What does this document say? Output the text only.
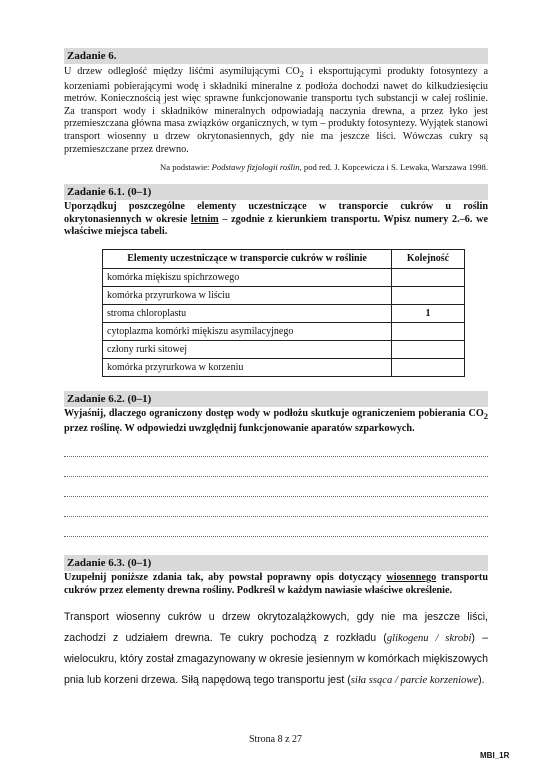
Zadanie 6.
U drzew odległość między liśćmi asymilującymi $CO_2$ i eksportującymi produkty fotosyntezy a korzeniami pobierającymi wodę i składniki mineralne z podłoża dochodzi nawet do kilkudziesięciu metrów. Koniecznością jest więc sprawne funkcjonowanie transportu tych substancji w całej roślinie. Za transport wody i składników mineralnych odpowiadają naczynia drewna, a przez łyko jest przemieszczana główna masa związków organicznych, w tym – produkty fotosyntezy. Wyjątek stanowi transport wiosenny u drzew okrytonasiennych, gdy nie ma jeszcze liści. Wówczas cukry są przemieszczane przez drewno.
Na podstawie: Podstawy fizjologii roślin, pod red. J. Kopcewicza i S. Lewaka, Warszawa 1998.
Zadanie 6.1. (0–1)
Uporządkuj poszczególne elementy uczestniczące w transporcie cukrów u roślin okrytonasiennych w okresie letnim – zgodnie z kierunkiem transportu. Wpisz numery 2.–6. we właściwe miejsca tabeli.
Elementy uczestniczące w transporcie cukrów w roślinie	Kolejność
komórka miękiszu spichrzowego	
komórka przyrurkowa w liściu	
stroma chloroplastu	1
cytoplazma komórki miękiszu asymilacyjnego	
człony rurki sitowej	
komórka przyrurkowa w korzeniu	
Zadanie 6.2. (0–1)
Wyjaśnij, dlaczego ograniczony dostęp wody w podłożu skutkuje ograniczeniem pobierania $CO_2$ przez roślinę. W odpowiedzi uwzględnij funkcjonowanie aparatów szparkowych.
Zadanie 6.3. (0–1)
Uzupełnij poniższe zdania tak, aby powstał poprawny opis dotyczący wiosennego transportu cukrów przez elementy drewna rośliny. Podkreśl w każdym nawiasie właściwe określenie.
Transport wiosenny cukrów u drzew okrytozalążkowych, gdy nie ma jeszcze liści, zachodzi z udziałem drewna. Te cukry pochodzą z rozkładu (glikogenu / skrobi) – wielocukru, który został zmagazynowany w okresie jesiennym w komórkach miękiszowych pnia lub korzeni drzewa. Siłą napędową tego transportu jest (siła ssąca / parcie korzeniowe).
Strona 8 z 27
MBI_1R
